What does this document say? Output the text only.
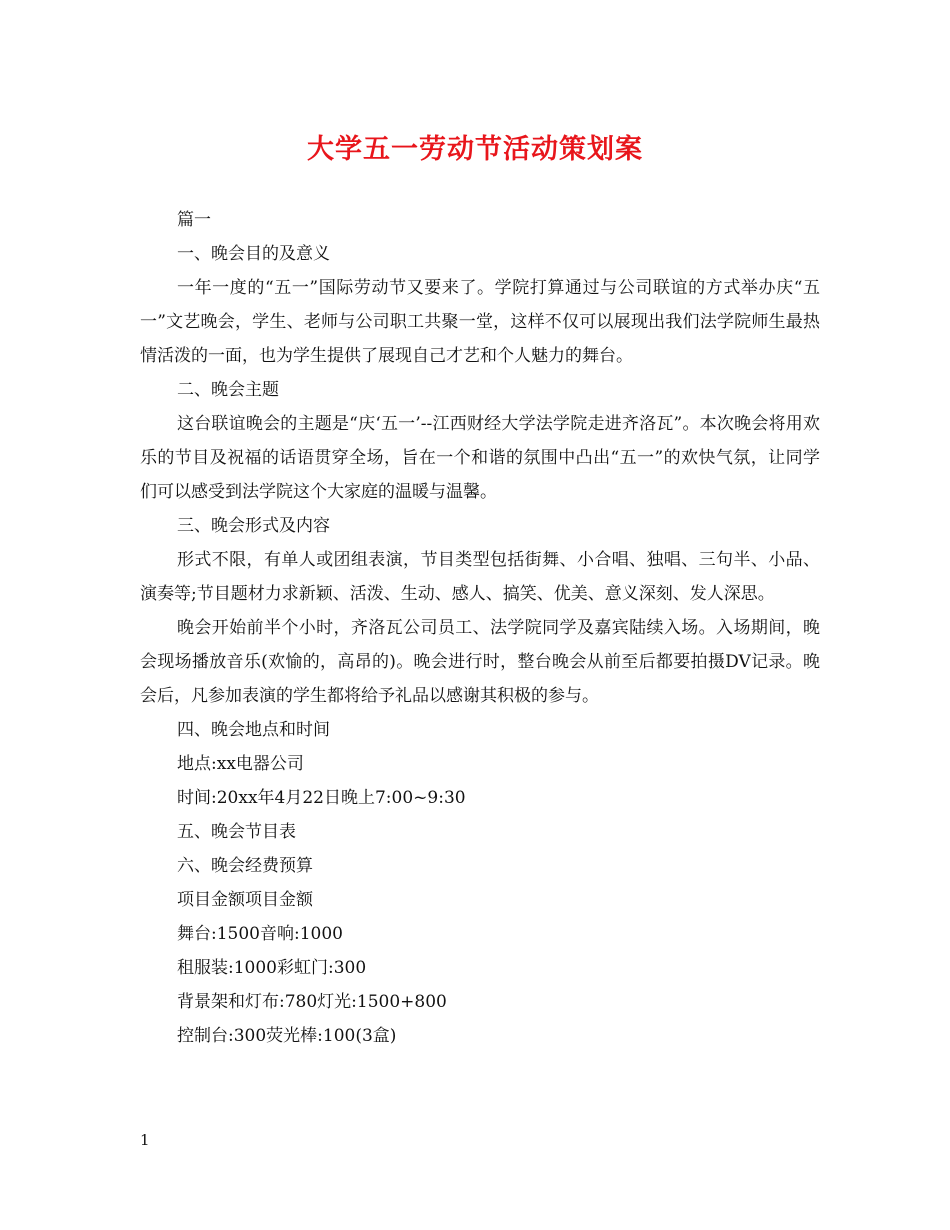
大学五一劳动节活动策划案

篇一

一、晚会目的及意义

一年一度的“五一”国际劳动节又要来了。学院打算通过与公司联谊的方式举办庆“五一”文艺晚会，学生、老师与公司职工共聚一堂，这样不仅可以展现出我们法学院师生最热情活泼的一面，也为学生提供了展现自己才艺和个人魅力的舞台。

二、晚会主题

这台联谊晚会的主题是“庆‘五一’--江西财经大学法学院走进齐洛瓦”。本次晚会将用欢乐的节目及祝福的话语贯穿全场，旨在一个和谐的氛围中凸出“五一”的欢快气氛，让同学们可以感受到法学院这个大家庭的温暖与温馨。

三、晚会形式及内容

形式不限，有单人或团组表演，节目类型包括街舞、小合唱、独唱、三句半、小品、演奏等;节目题材力求新颖、活泼、生动、感人、搞笑、优美、意义深刻、发人深思。

晚会开始前半个小时，齐洛瓦公司员工、法学院同学及嘉宾陆续入场。入场期间，晚会现场播放音乐(欢愉的，高昂的)。晚会进行时，整台晚会从前至后都要拍摄DV记录。晚会后，凡参加表演的学生都将给予礼品以感谢其积极的参与。

四、晚会地点和时间

地点:xx电器公司

时间:20xx年4月22日晚上7:00~9:30

五、晚会节目表

六、晚会经费预算

项目金额项目金额

舞台:1500音响:1000

租服装:1000彩虹门:300

背景架和灯布:780灯光:1500+800

控制台:300荧光棒:100(3盒)

1
